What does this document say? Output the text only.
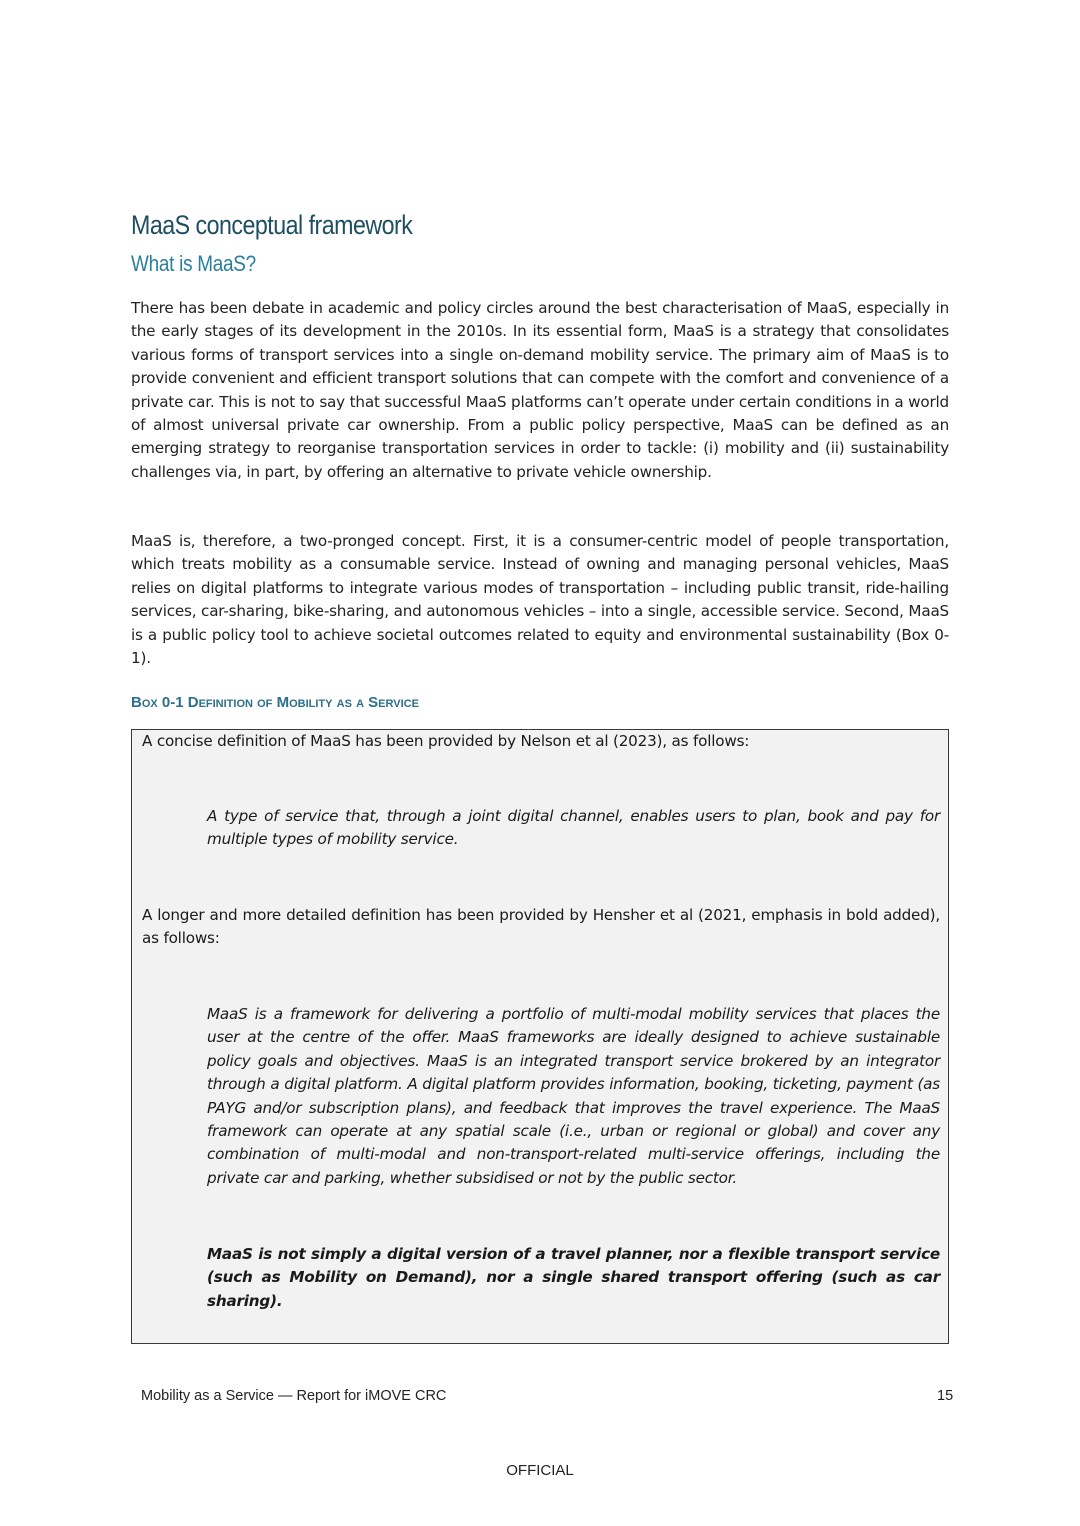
MaaS conceptual framework
What is MaaS?

There has been debate in academic and policy circles around the best characterisation of MaaS, especially in the early stages of its development in the 2010s. In its essential form, MaaS is a strategy that consolidates various forms of transport services into a single on-demand mobility service. The primary aim of MaaS is to provide convenient and efficient transport solutions that can compete with the comfort and convenience of a private car. This is not to say that successful MaaS platforms can’t operate under certain conditions in a world of almost universal private car ownership. From a public policy perspective, MaaS can be defined as an emerging strategy to reorganise transportation services in order to tackle: (i) mobility and (ii) sustainability challenges via, in part, by offering an alternative to private vehicle ownership.

MaaS is, therefore, a two-pronged concept. First, it is a consumer-centric model of people transportation, which treats mobility as a consumable service. Instead of owning and managing personal vehicles, MaaS relies on digital platforms to integrate various modes of transportation – including public transit, ride-hailing services, car-sharing, bike-sharing, and autonomous vehicles – into a single, accessible service. Second, MaaS is a public policy tool to achieve societal outcomes related to equity and environmental sustainability (Box 0-1).

Box 0-1 Definition of Mobility as a Service

A concise definition of MaaS has been provided by Nelson et al (2023), as follows:

A type of service that, through a joint digital channel, enables users to plan, book and pay for multiple types of mobility service.

A longer and more detailed definition has been provided by Hensher et al (2021, emphasis in bold added), as follows:

MaaS is a framework for delivering a portfolio of multi-modal mobility services that places the user at the centre of the offer. MaaS frameworks are ideally designed to achieve sustainable policy goals and objectives. MaaS is an integrated transport service brokered by an integrator through a digital platform. A digital platform provides information, booking, ticketing, payment (as PAYG and/or subscription plans), and feedback that improves the travel experience. The MaaS framework can operate at any spatial scale (i.e., urban or regional or global) and cover any combination of multi-modal and non-transport-related multi-service offerings, including the private car and parking, whether subsidised or not by the public sector.

MaaS is not simply a digital version of a travel planner, nor a flexible transport service (such as Mobility on Demand), nor a single shared transport offering (such as car sharing).

Mobility as a Service — Report for iMOVE CRC	15
OFFICIAL
